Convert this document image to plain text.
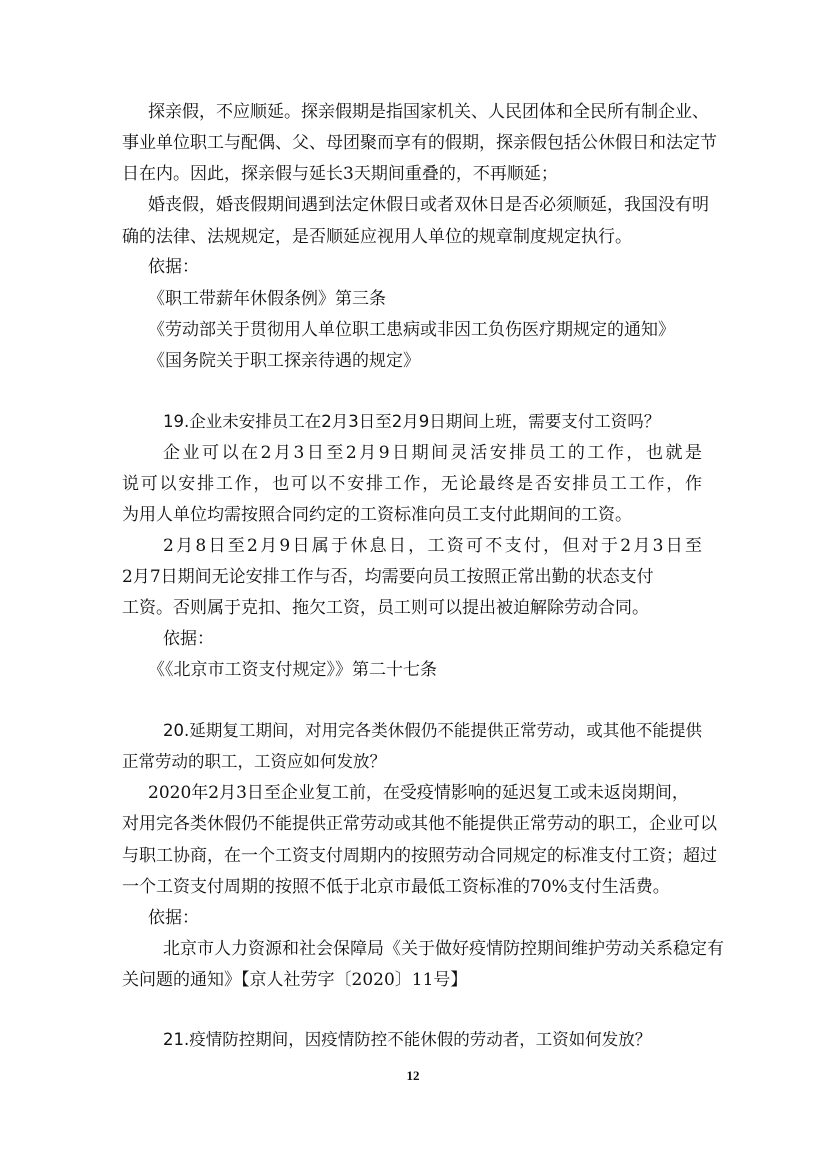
探亲假，不应顺延。探亲假期是指国家机关、人民团体和全民所有制企业、
事业单位职工与配偶、父、母团聚而享有的假期，探亲假包括公休假日和法定节
日在内。因此，探亲假与延长3天期间重叠的，不再顺延；
婚丧假，婚丧假期间遇到法定休假日或者双休日是否必须顺延，我国没有明
确的法律、法规规定，是否顺延应视用人单位的规章制度规定执行。
依据：
《职工带薪年休假条例》第三条
《劳动部关于贯彻用人单位职工患病或非因工负伤医疗期规定的通知》
《国务院关于职工探亲待遇的规定》
19.企业未安排员工在2月3日至2月9日期间上班，需要支付工资吗？
企业可以在2月3日至2月9日期间灵活安排员工的工作，也就是
说可以安排工作，也可以不安排工作，无论最终是否安排员工工作，作
为用人单位均需按照合同约定的工资标准向员工支付此期间的工资。
2月8日至2月9日属于休息日，工资可不支付，但对于2月3日至
2月7日期间无论安排工作与否，均需要向员工按照正常出勤的状态支付
工资。否则属于克扣、拖欠工资，员工则可以提出被迫解除劳动合同。
依据：
《《北京市工资支付规定》》第二十七条
20.延期复工期间，对用完各类休假仍不能提供正常劳动，或其他不能提供
正常劳动的职工，工资应如何发放？
2020年2月3日至企业复工前，在受疫情影响的延迟复工或未返岗期间，
对用完各类休假仍不能提供正常劳动或其他不能提供正常劳动的职工，企业可以
与职工协商，在一个工资支付周期内的按照劳动合同规定的标准支付工资；超过
一个工资支付周期的按照不低于北京市最低工资标准的70%支付生活费。
依据：
北京市人力资源和社会保障局《关于做好疫情防控期间维护劳动关系稳定有
关问题的通知》【京人社劳字〔2020〕11号】
21.疫情防控期间，因疫情防控不能休假的劳动者，工资如何发放？
12
